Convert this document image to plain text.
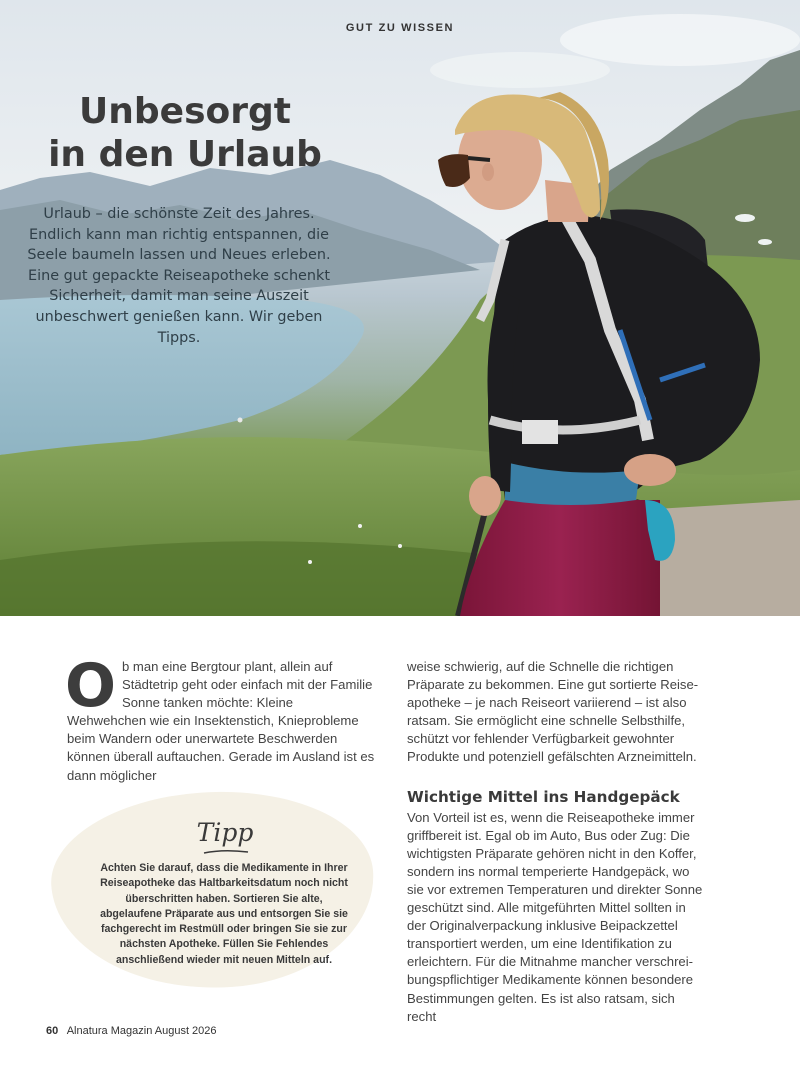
GUT ZU WISSEN
Unbesorgt
in den Urlaub

Urlaub – die schönste Zeit des Jahres. Endlich kann man richtig entspannen, die Seele baumeln lassen und Neues erleben. Eine gut gepackte Reiseapotheke schenkt Sicherheit, damit man seine Auszeit unbeschwert genießen kann. Wir geben Tipps.

O b man eine Bergtour plant, allein auf Städtetrip geht oder einfach mit der Familie Sonne tanken möchte: Kleine Wehwehchen wie ein Insektenstich, Knieprobleme beim Wandern oder unerwartete Beschwerden können überall auftauchen. Gerade im Ausland ist es dann möglicher

Tipp

Achten Sie darauf, dass die Medikamente in Ihrer Reiseapotheke das Haltbarkeitsdatum noch nicht überschritten haben. Sortieren Sie alte, abgelaufene Präparate aus und entsorgen Sie sie fachgerecht im Restmüll oder bringen Sie sie zur nächsten Apotheke. Füllen Sie Fehlendes anschließend wieder mit neuen Mitteln auf.

weise schwierig, auf die Schnelle die richtigen Präparate zu bekommen. Eine gut sortierte Reiseapotheke – je nach Reiseort variierend – ist also ratsam. Sie ermöglicht eine schnelle Selbsthilfe, schützt vor fehlender Verfügbarkeit gewohnter Produkte und potenziell gefälschten Arzneimitteln.

Wichtige Mittel ins Handgepäck

Von Vorteil ist es, wenn die Reiseapotheke immer griffbereit ist. Egal ob im Auto, Bus oder Zug: Die wichtigsten Präparate gehören nicht in den Koffer, sondern ins normal temperierte Handgepäck, wo sie vor extremen Temperaturen und direkter Sonne geschützt sind. Alle mitgeführten Mittel sollten in der Originalverpackung inklusive Beipackzettel transportiert werden, um eine Identifikation zu erleichtern. Für die Mitnahme mancher verschreibungspflichtiger Medikamente können besondere Bestimmungen gelten. Es ist also ratsam, sich recht

60 Alnatura Magazin August 2026
